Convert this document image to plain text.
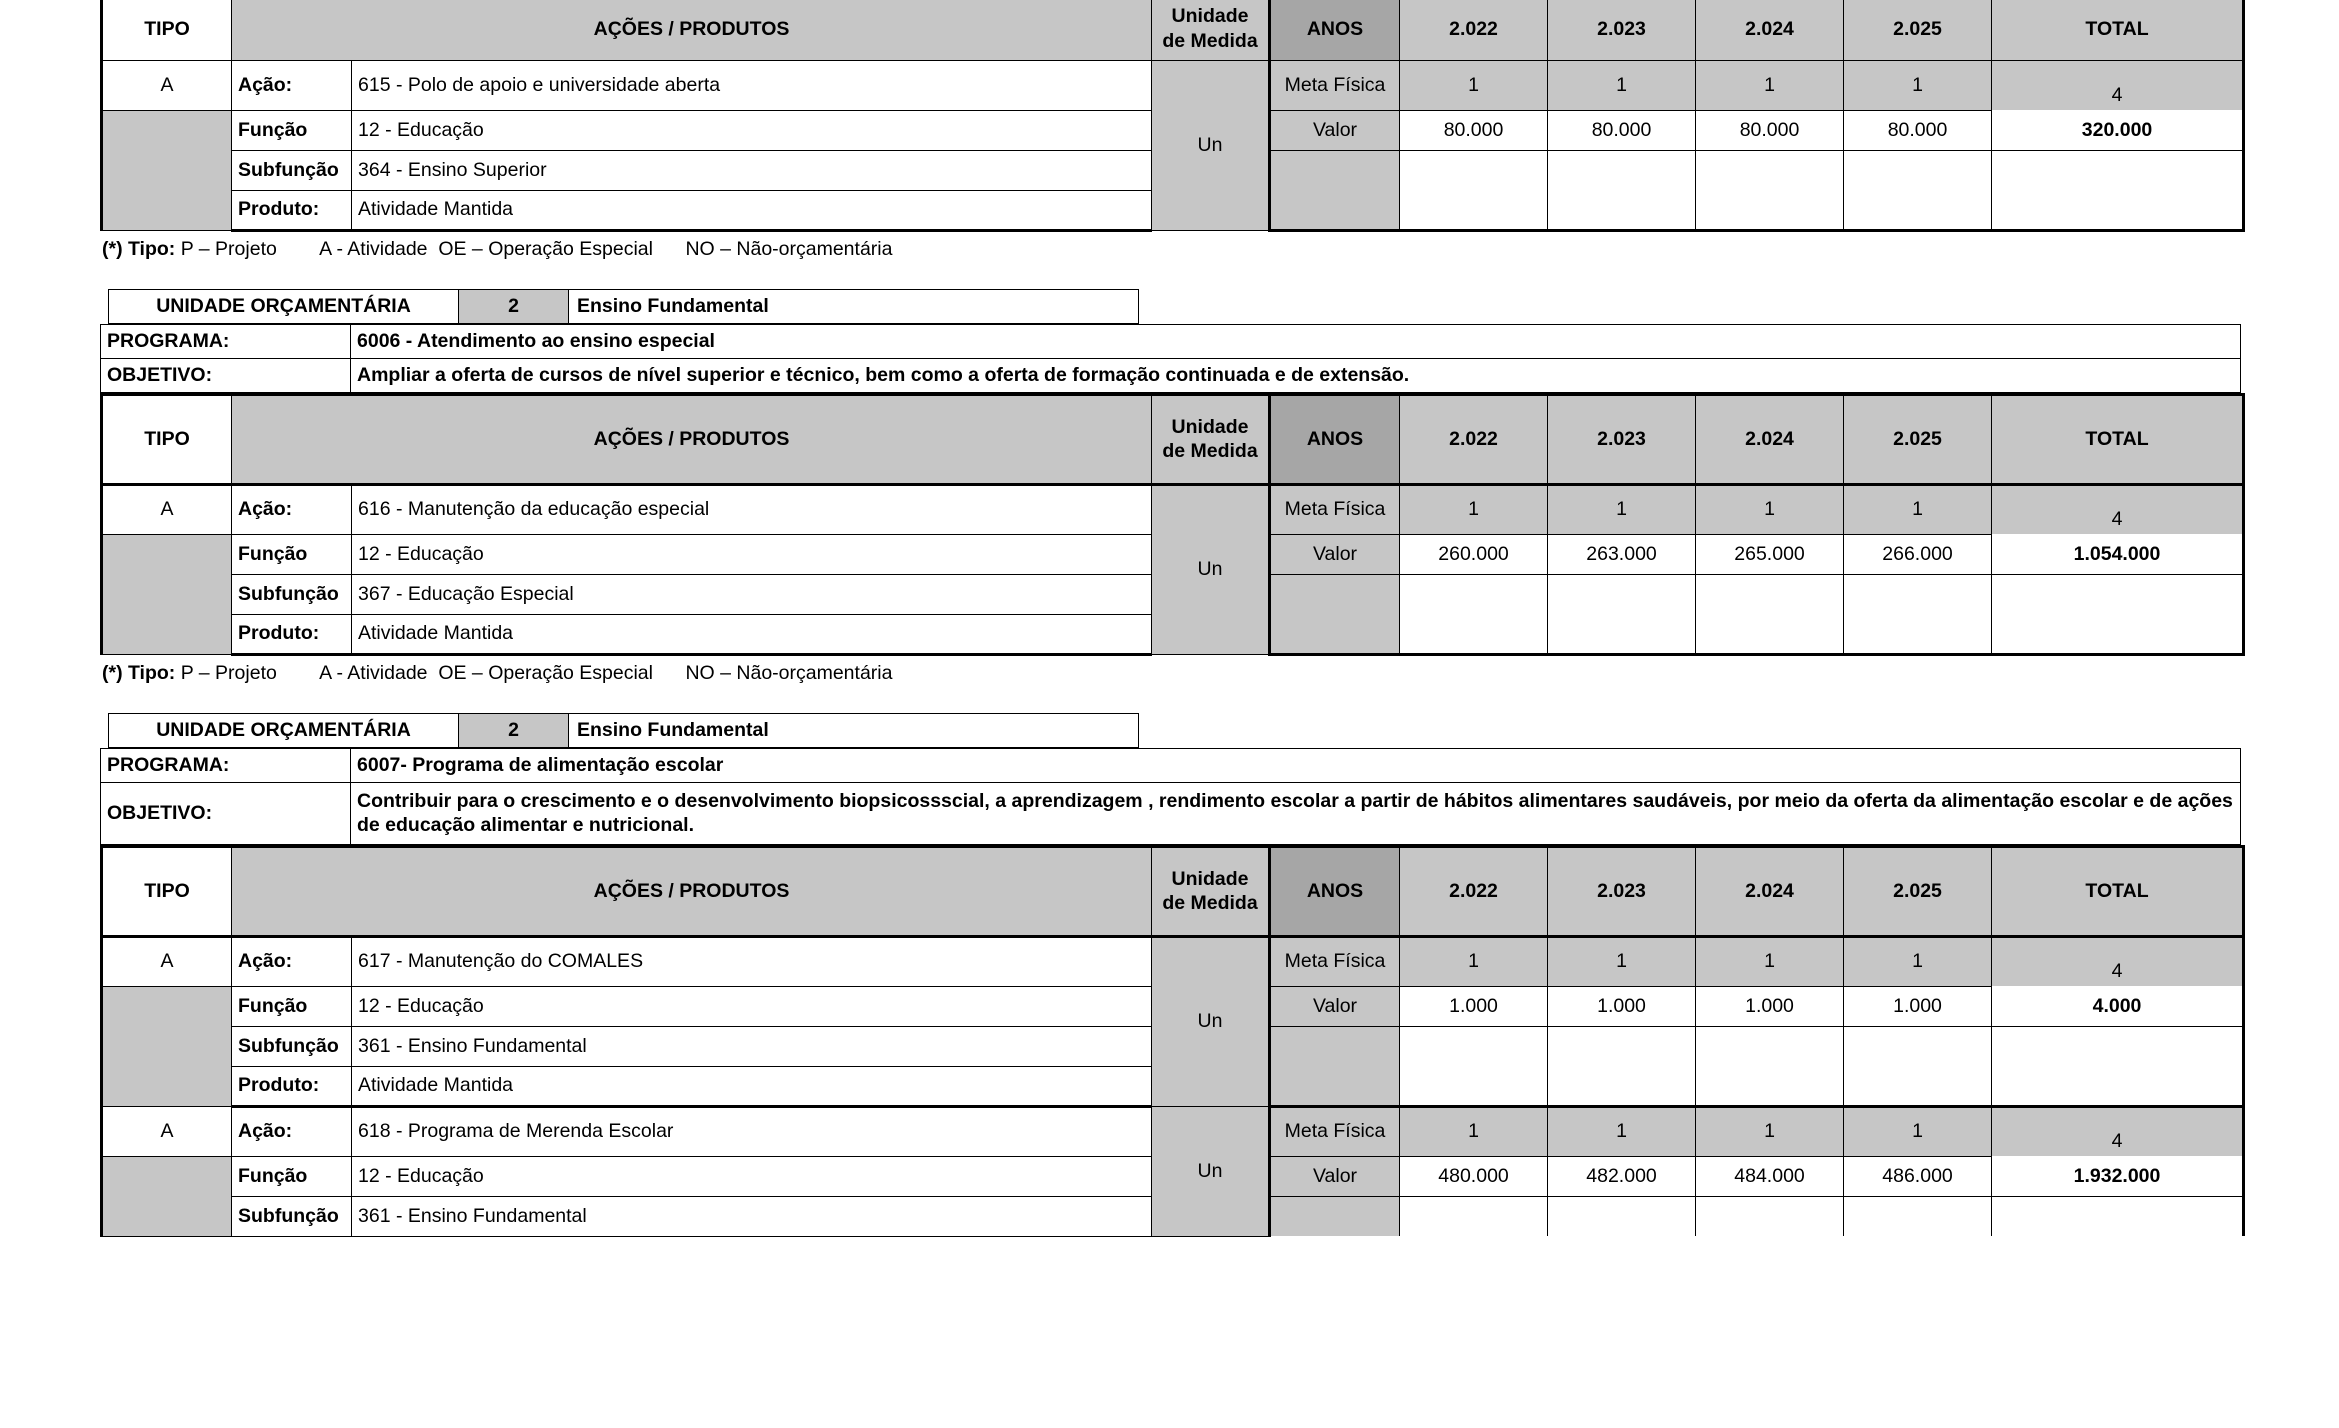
TIPO	AÇÕES / PRODUTOS		Unidade
de Medida	ANOS	2.022	2.023	2.024	2.025	TOTAL
A	Ação:	615 - Polo de apoio e universidade aberta	Un	Meta Física	1	1	1	1	4
	Função	12 - Educação		Valor	80.000	80.000	80.000	80.000	320.000
	Subfunção	364 - Ensino Superior							
	Produto:	Atividade Mantida							
(*) Tipo: P – Projeto        A - Atividade  OE – Operação Especial      NO – Não-orçamentária
UNIDADE ORÇAMENTÁRIA	2	Ensino Fundamental
PROGRAMA:	6006 - Atendimento ao ensino especial
OBJETIVO:	Ampliar a oferta de cursos de nível superior e técnico, bem como a oferta de formação continuada e de extensão.
TIPO	AÇÕES / PRODUTOS		Unidade
de Medida	ANOS	2.022	2.023	2.024	2.025	TOTAL
A	Ação:	616 - Manutenção da educação especial	Un	Meta Física	1	1	1	1	4
	Função	12 - Educação		Valor	260.000	263.000	265.000	266.000	1.054.000
	Subfunção	367 - Educação Especial							
	Produto:	Atividade Mantida							
(*) Tipo: P – Projeto        A - Atividade  OE – Operação Especial      NO – Não-orçamentária
UNIDADE ORÇAMENTÁRIA	2	Ensino Fundamental
PROGRAMA:	6007- Programa de alimentação escolar
OBJETIVO:	Contribuir para o crescimento e o desenvolvimento biopsicossscial, a aprendizagem , rendimento escolar a partir de hábitos alimentares saudáveis, por meio da oferta da alimentação escolar e de ações de educação alimentar e nutricional.
TIPO	AÇÕES / PRODUTOS		Unidade
de Medida	ANOS	2.022	2.023	2.024	2.025	TOTAL
A	Ação:	617 - Manutenção do COMALES	Un	Meta Física	1	1	1	1	4
	Função	12 - Educação		Valor	1.000	1.000	1.000	1.000	4.000
	Subfunção	361 - Ensino Fundamental							
	Produto:	Atividade Mantida							
A	Ação:	618 - Programa de Merenda Escolar	Un	Meta Física	1	1	1	1	4
	Função	12 - Educação		Valor	480.000	482.000	484.000	486.000	1.932.000
	Subfunção	361 - Ensino Fundamental							
